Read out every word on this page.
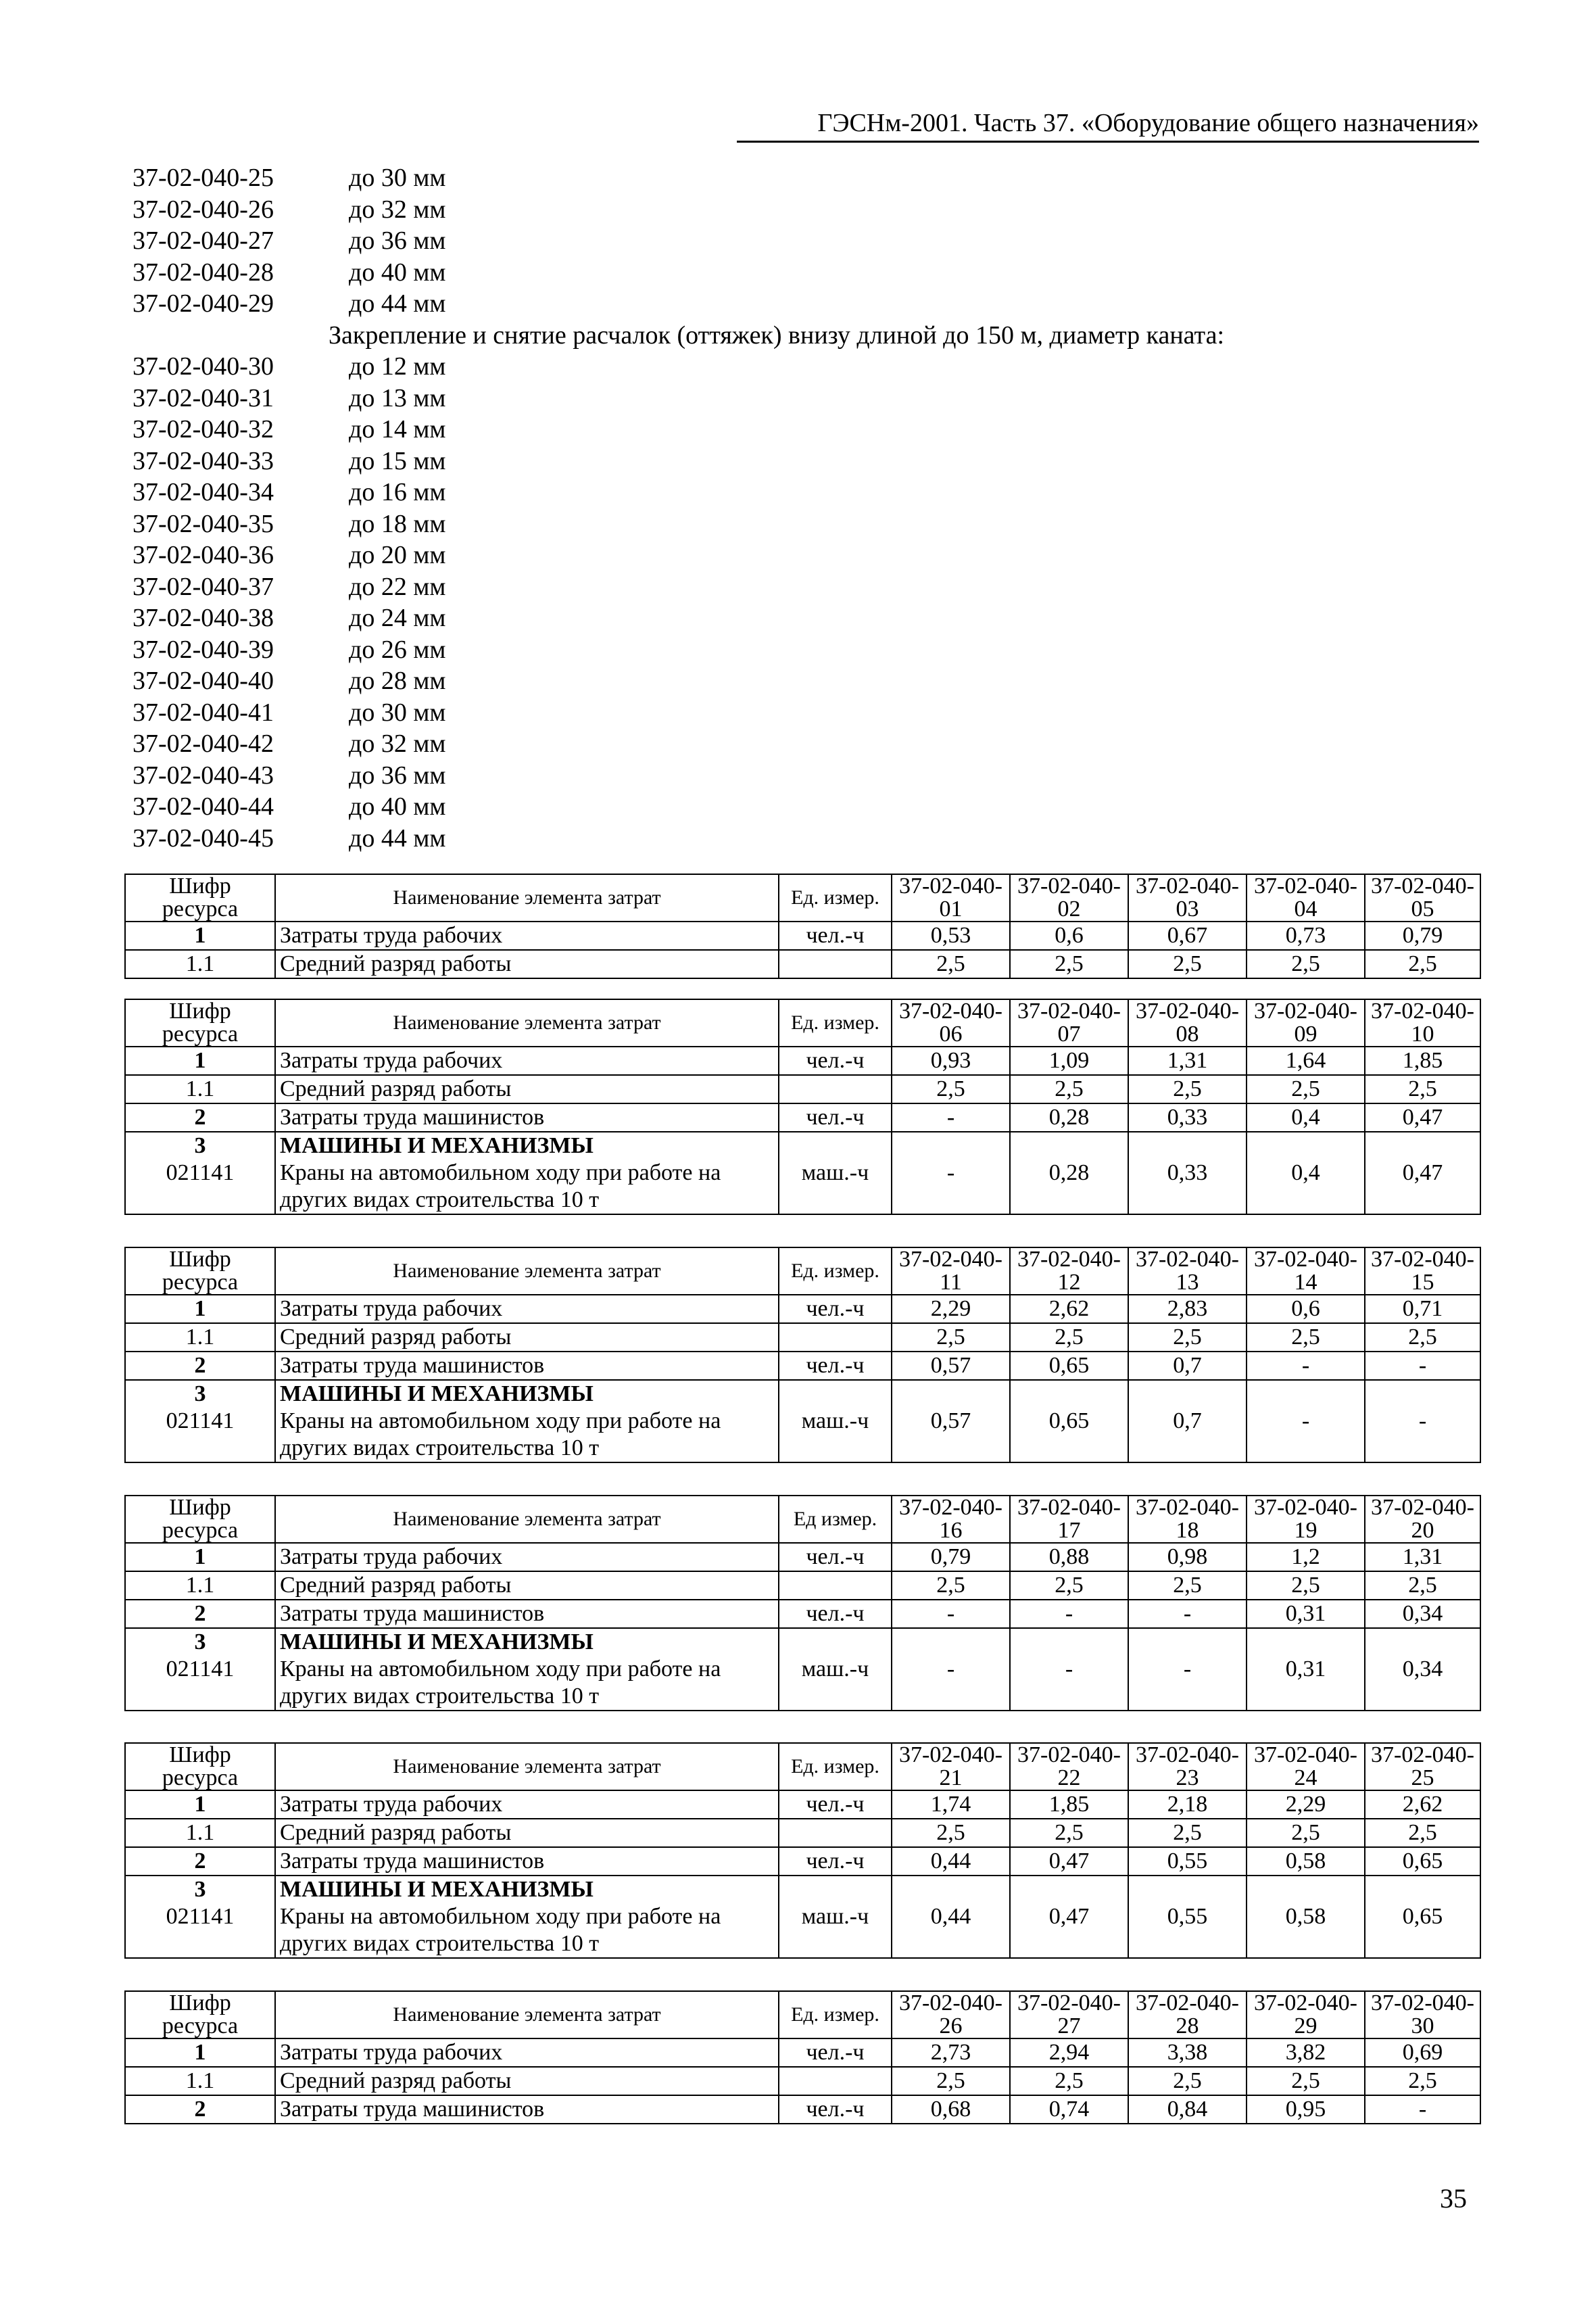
ГЭСНм-2001. Часть 37. «Оборудование общего назначения»
37-02-040-25	до 30 мм
37-02-040-26	до 32 мм
37-02-040-27	до 36 мм
37-02-040-28	до 40 мм
37-02-040-29	до 44 мм
Закрепление и снятие расчалок (оттяжек) внизу длиной до 150 м, диаметр каната:
37-02-040-30	до 12 мм
37-02-040-31	до 13 мм
37-02-040-32	до 14 мм
37-02-040-33	до 15 мм
37-02-040-34	до 16 мм
37-02-040-35	до 18 мм
37-02-040-36	до 20 мм
37-02-040-37	до 22 мм
37-02-040-38	до 24 мм
37-02-040-39	до 26 мм
37-02-040-40	до 28 мм
37-02-040-41	до 30 мм
37-02-040-42	до 32 мм
37-02-040-43	до 36 мм
37-02-040-44	до 40 мм
37-02-040-45	до 44 мм
Шифр ресурса	Наименование элемента затрат	Ед. измер.	37-02-040-01	37-02-040-02	37-02-040-03	37-02-040-04	37-02-040-05
1	Затраты труда рабочих	чел.-ч	0,53	0,6	0,67	0,73	0,79
1.1	Средний разряд работы		2,5	2,5	2,5	2,5	2,5
Шифр ресурса	Наименование элемента затрат	Ед. измер.	37-02-040-06	37-02-040-07	37-02-040-08	37-02-040-09	37-02-040-10
1	Затраты труда рабочих	чел.-ч	0,93	1,09	1,31	1,64	1,85
1.1	Средний разряд работы		2,5	2,5	2,5	2,5	2,5
2	Затраты труда машинистов	чел.-ч	-	0,28	0,33	0,4	0,47
3	МАШИНЫ И МЕХАНИЗМЫ	маш.-ч	-	0,28	0,33	0,4	0,47
021141	Краны на автомобильном ходу при работе на других видах строительства 10 т						
Шифр ресурса	Наименование элемента затрат	Ед. измер.	37-02-040-11	37-02-040-12	37-02-040-13	37-02-040-14	37-02-040-15
1	Затраты труда рабочих	чел.-ч	2,29	2,62	2,83	0,6	0,71
1.1	Средний разряд работы		2,5	2,5	2,5	2,5	2,5
2	Затраты труда машинистов	чел.-ч	0,57	0,65	0,7	-	-
3	МАШИНЫ И МЕХАНИЗМЫ	маш.-ч	0,57	0,65	0,7	-	-
021141	Краны на автомобильном ходу при работе на других видах строительства 10 т						
Шифр ресурса	Наименование элемента затрат	Ед измер.	37-02-040-16	37-02-040-17	37-02-040-18	37-02-040-19	37-02-040-20
1	Затраты труда рабочих	чел.-ч	0,79	0,88	0,98	1,2	1,31
1.1	Средний разряд работы		2,5	2,5	2,5	2,5	2,5
2	Затраты труда машинистов	чел.-ч	-	-	-	0,31	0,34
3	МАШИНЫ И МЕХАНИЗМЫ	маш.-ч	-	-	-	0,31	0,34
021141	Краны на автомобильном ходу при работе на других видах строительства 10 т						
Шифр ресурса	Наименование элемента затрат	Ед. измер.	37-02-040-21	37-02-040-22	37-02-040-23	37-02-040-24	37-02-040-25
1	Затраты труда рабочих	чел.-ч	1,74	1,85	2,18	2,29	2,62
1.1	Средний разряд работы		2,5	2,5	2,5	2,5	2,5
2	Затраты труда машинистов	чел.-ч	0,44	0,47	0,55	0,58	0,65
3	МАШИНЫ И МЕХАНИЗМЫ	маш.-ч	0,44	0,47	0,55	0,58	0,65
021141	Краны на автомобильном ходу при работе на других видах строительства 10 т						
Шифр ресурса	Наименование элемента затрат	Ед. измер.	37-02-040-26	37-02-040-27	37-02-040-28	37-02-040-29	37-02-040-30
1	Затраты труда рабочих	чел.-ч	2,73	2,94	3,38	3,82	0,69
1.1	Средний разряд работы		2,5	2,5	2,5	2,5	2,5
2	Затраты труда машинистов	чел.-ч	0,68	0,74	0,84	0,95	-
35
